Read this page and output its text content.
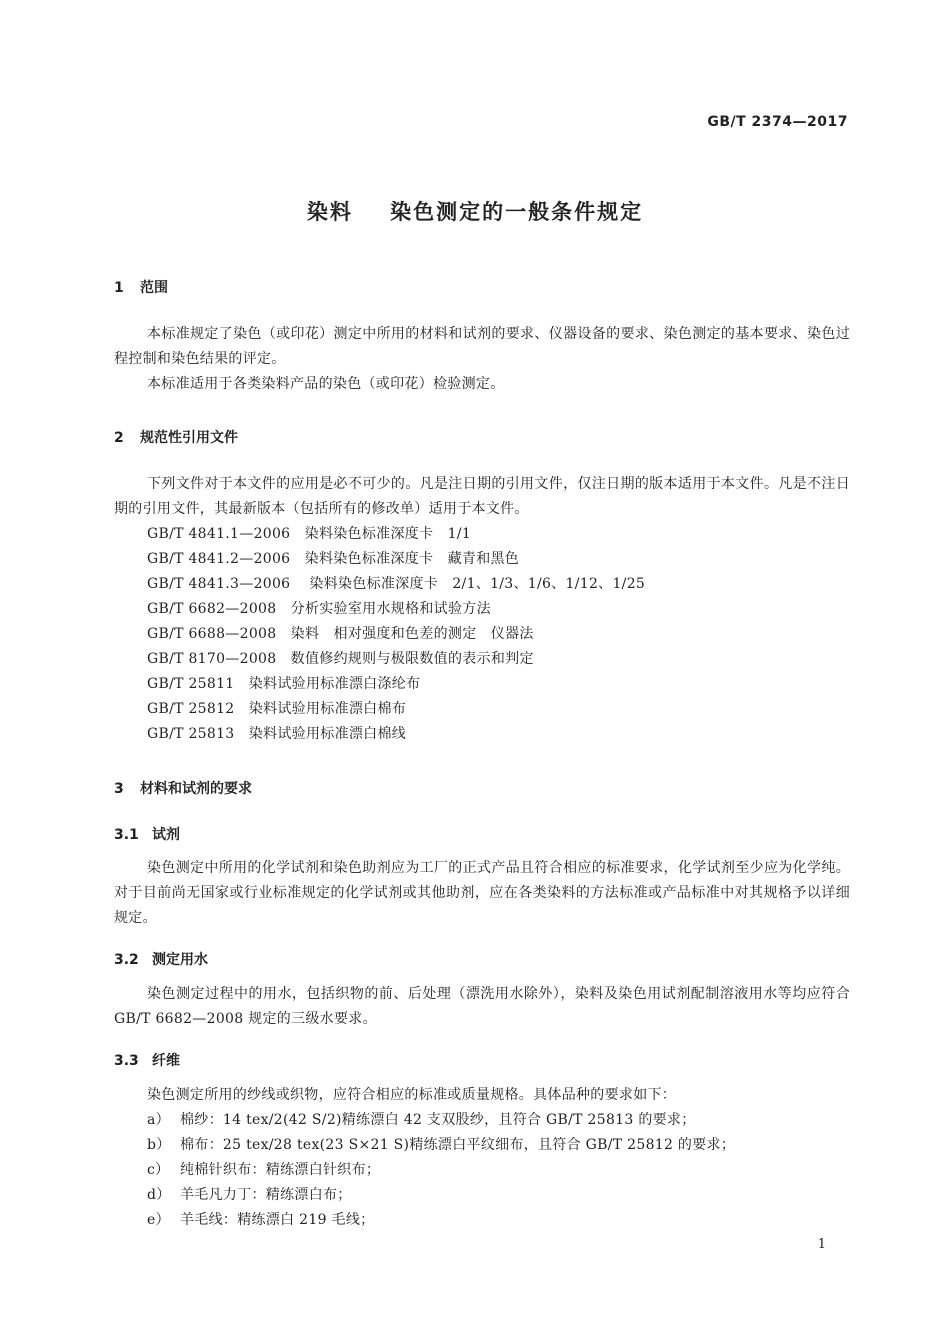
GB/T 2374—2017
染料    染色测定的一般条件规定
1 范围
本标准规定了染色（或印花）测定中所用的材料和试剂的要求、仪器设备的要求、染色测定的基本要求、染色过程控制和染色结果的评定。
本标准适用于各类染料产品的染色（或印花）检验测定。
2 规范性引用文件
下列文件对于本文件的应用是必不可少的。凡是注日期的引用文件，仅注日期的版本适用于本文件。凡是不注日期的引用文件，其最新版本（包括所有的修改单）适用于本文件。
GB/T 4841.1—2006   染料染色标准深度卡   1/1
GB/T 4841.2—2006   染料染色标准深度卡   藏青和黑色
GB/T 4841.3—2006    染料染色标准深度卡   2/1、1/3、1/6、1/12、1/25
GB/T 6682—2008   分析实验室用水规格和试验方法
GB/T 6688—2008   染料   相对强度和色差的测定   仪器法
GB/T 8170—2008   数值修约规则与极限数值的表示和判定
GB/T 25811   染料试验用标准漂白涤纶布
GB/T 25812   染料试验用标准漂白棉布
GB/T 25813   染料试验用标准漂白棉线
3 材料和试剂的要求
3.1 试剂
染色测定中所用的化学试剂和染色助剂应为工厂的正式产品且符合相应的标准要求，化学试剂至少应为化学纯。对于目前尚无国家或行业标准规定的化学试剂或其他助剂，应在各类染料的方法标准或产品标准中对其规格予以详细规定。
3.2 测定用水
染色测定过程中的用水，包括织物的前、后处理（漂洗用水除外），染料及染色用试剂配制溶液用水等均应符合 GB/T 6682—2008 规定的三级水要求。
3.3 纤维
染色测定所用的纱线或织物，应符合相应的标准或质量规格。具体品种的要求如下：
a） 棉纱：14 tex/2(42 S/2)精练漂白 42 支双股纱，且符合 GB/T 25813 的要求；
b） 棉布：25 tex/28 tex(23 S×21 S)精练漂白平纹细布，且符合 GB/T 25812 的要求；
c） 纯棉针织布：精练漂白针织布；
d） 羊毛凡力丁：精练漂白布；
e） 羊毛线：精练漂白 219 毛线；
1
